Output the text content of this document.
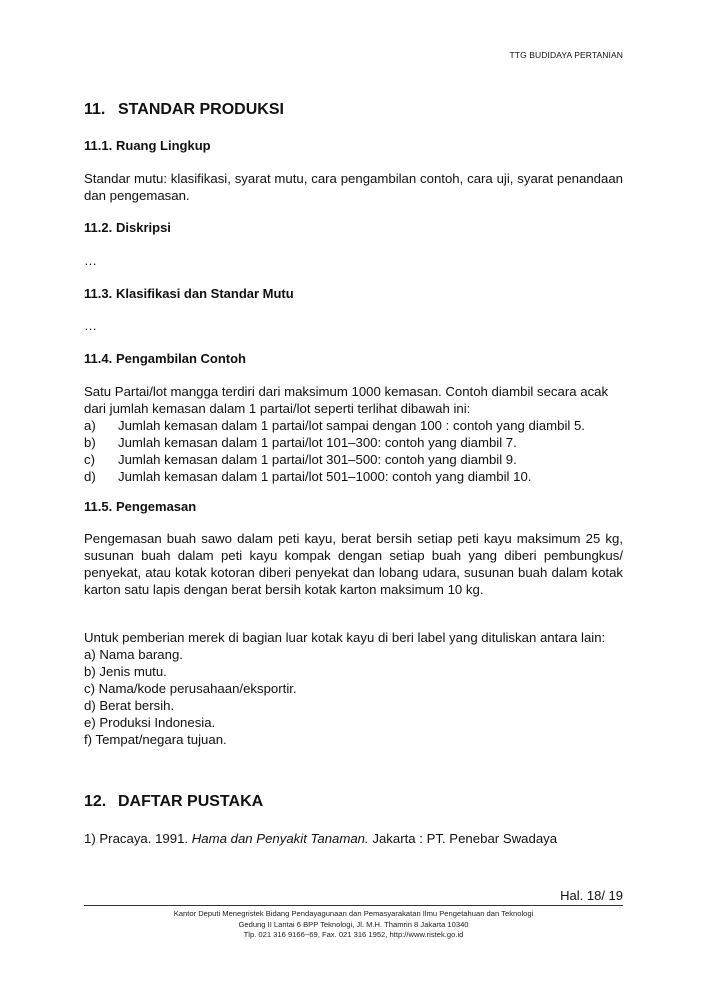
TTG BUDIDAYA PERTANIAN
11. STANDAR PRODUKSI
11.1. Ruang Lingkup
Standar mutu: klasifikasi, syarat mutu, cara pengambilan contoh, cara uji, syarat penandaan dan pengemasan.
11.2. Diskripsi
…
11.3. Klasifikasi dan Standar Mutu
…
11.4. Pengambilan Contoh
Satu Partai/lot mangga terdiri dari maksimum 1000 kemasan. Contoh diambil secara acak dari jumlah kemasan dalam 1 partai/lot seperti terlihat dibawah ini:
a)	Jumlah kemasan dalam 1 partai/lot sampai dengan 100 : contoh yang diambil 5.
b)	Jumlah kemasan dalam 1 partai/lot 101–300: contoh yang diambil 7.
c)	Jumlah kemasan dalam 1 partai/lot 301–500: contoh yang diambil 9.
d)	Jumlah kemasan dalam 1 partai/lot 501–1000: contoh yang diambil 10.
11.5. Pengemasan
Pengemasan buah sawo dalam peti kayu, berat bersih setiap peti kayu maksimum 25 kg, susunan buah dalam peti kayu kompak dengan setiap buah yang diberi pembungkus/ penyekat, atau kotak kotoran diberi penyekat dan lobang udara, susunan buah dalam kotak karton satu lapis dengan berat bersih kotak karton maksimum 10 kg.
Untuk pemberian merek di bagian luar kotak kayu di beri label yang dituliskan antara lain:
a) Nama barang.
b) Jenis mutu.
c) Nama/kode perusahaan/eksportir.
d) Berat bersih.
e) Produksi Indonesia.
f) Tempat/negara tujuan.
12. DAFTAR PUSTAKA
1) Pracaya. 1991. Hama dan Penyakit Tanaman. Jakarta : PT. Penebar Swadaya
Hal. 18/ 19
Kantor Deputi Menegristek Bidang Pendayagunaan dan Pemasyarakatan Ilmu Pengetahuan dan Teknologi
Gedung II Lantai 6 BPP Teknologi, Jl. M.H. Thamrin 8 Jakarta 10340
Tlp. 021 316 9166~69, Fax. 021 316 1952, http://www.ristek.go.id
